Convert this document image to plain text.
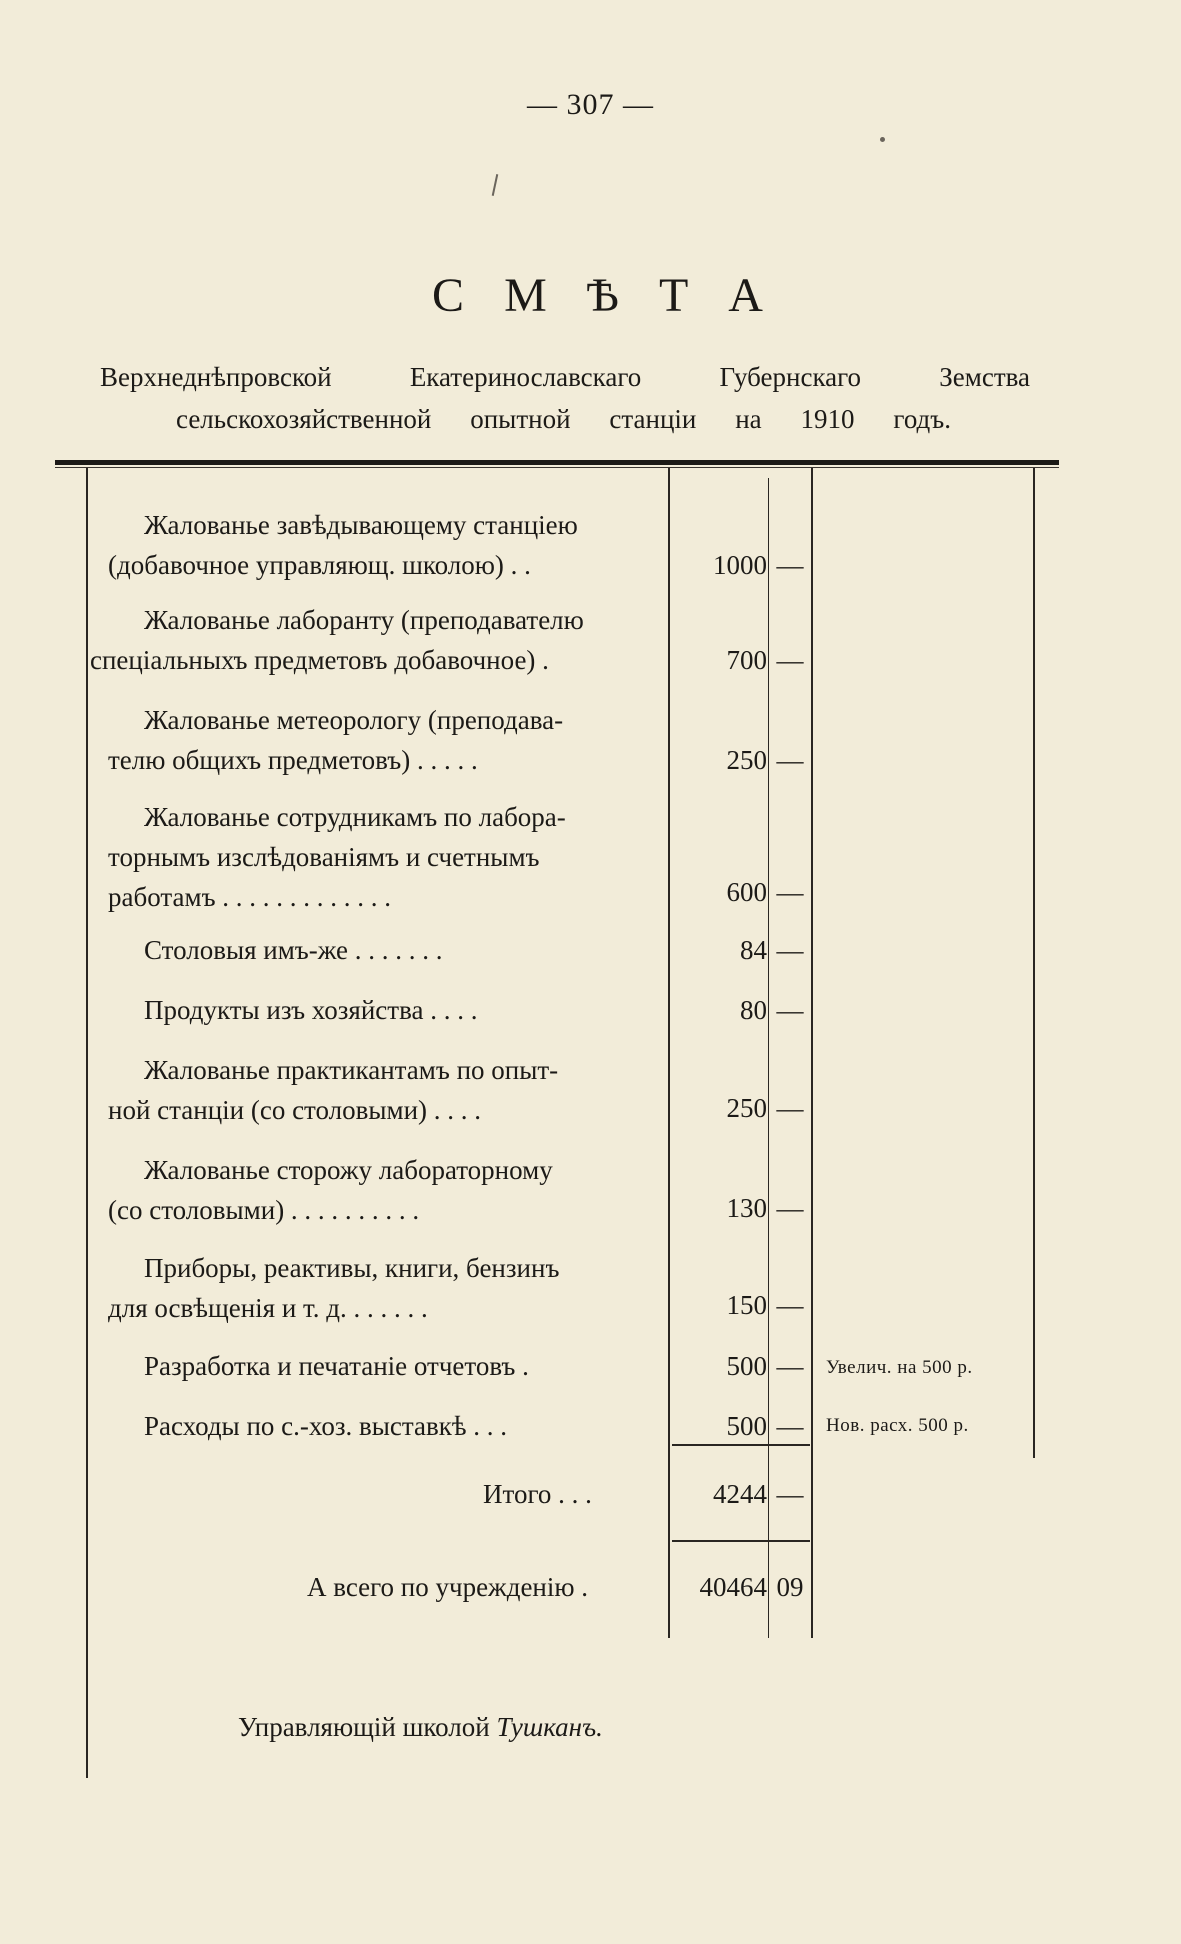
— 307 —
С М Ѣ Т А
Верхнеднѣпровской Екатеринославскаго Губернскаго Земства
сельскохозяйственной опытной станціи на 1910 годъ.
Жалованье завѣдывающему станціею
(добавочное управляющ. школою) . .	1000 —
Жалованье лаборанту (преподавателю
спеціальныхъ предметовъ добавочное) .	700 —
Жалованье метеорологу (преподава-
телю общихъ предметовъ) . . . . .	250 —
Жалованье сотрудникамъ по лабора-
торнымъ изслѣдованіямъ и счетнымъ
работамъ . . . . . . . . . . . . .	600 —
Столовыя имъ-же . . . . . . .	84 —
Продукты изъ хозяйства . . . .	80 —
Жалованье практикантамъ по опыт-
ной станціи (со столовыми) . . . .	250 —
Жалованье сторожу лабораторному
(со столовыми) . . . . . . . . . .	130 —
Приборы, реактивы, книги, бензинъ
для освѣщенія и т. д. . . . . . .	150 —
Разработка и печатаніе отчетовъ .	500 — Увелич. на 500 р.
Расходы по с.-хоз. выставкѣ . . .	500 — Нов. расх. 500 р.
Итого . . .	4244 —
А всего по учрежденію .	40464 09
Управляющій школой Тушканъ.
